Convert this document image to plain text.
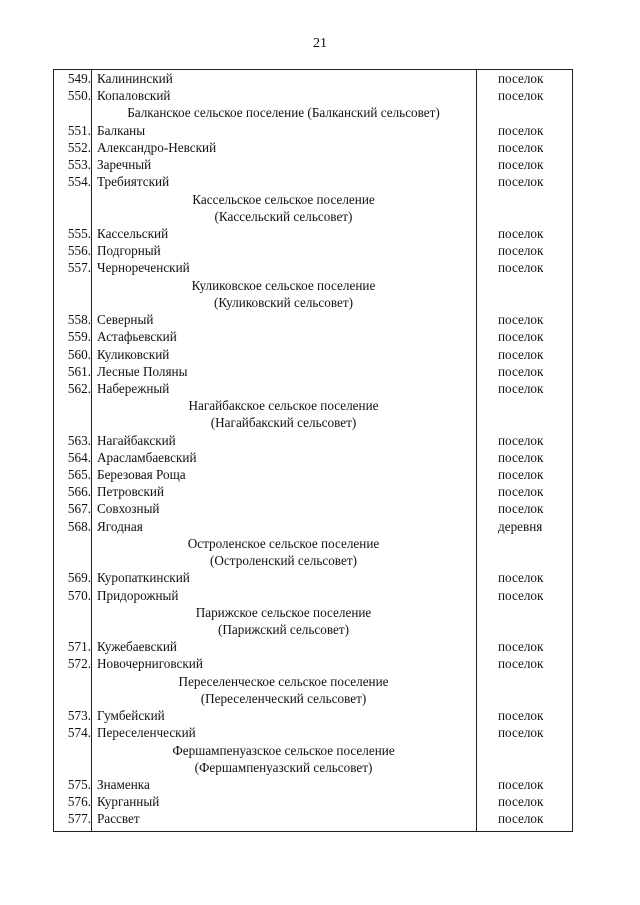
21
549. Калининский	поселок
550. Копаловский	поселок
Балканское сельское поселение (Балканский сельсовет)
551. Балканы	поселок
552. Александро-Невский	поселок
553. Заречный	поселок
554. Требиятский	поселок
Кассельское сельское поселение
(Кассельский сельсовет)
555. Кассельский	поселок
556. Подгорный	поселок
557. Чернореченский	поселок
Куликовское сельское поселение
(Куликовский сельсовет)
558. Северный	поселок
559. Астафьевский	поселок
560. Куликовский	поселок
561. Лесные Поляны	поселок
562. Набережный	поселок
Нагайбакское сельское поселение
(Нагайбакский сельсовет)
563. Нагайбакский	поселок
564. Арасламбаевский	поселок
565. Березовая Роща	поселок
566. Петровский	поселок
567. Совхозный	поселок
568. Ягодная	деревня
Остроленское сельское поселение
(Остроленский сельсовет)
569. Куропаткинский	поселок
570. Придорожный	поселок
Парижское сельское поселение
(Парижский сельсовет)
571. Кужебаевский	поселок
572. Новочерниговский	поселок
Переселенческое сельское поселение
(Переселенческий сельсовет)
573. Гумбейский	поселок
574. Переселенческий	поселок
Фершампенуазское сельское поселение
(Фершампенуазский сельсовет)
575. Знаменка	поселок
576. Курганный	поселок
577. Рассвет	поселок
